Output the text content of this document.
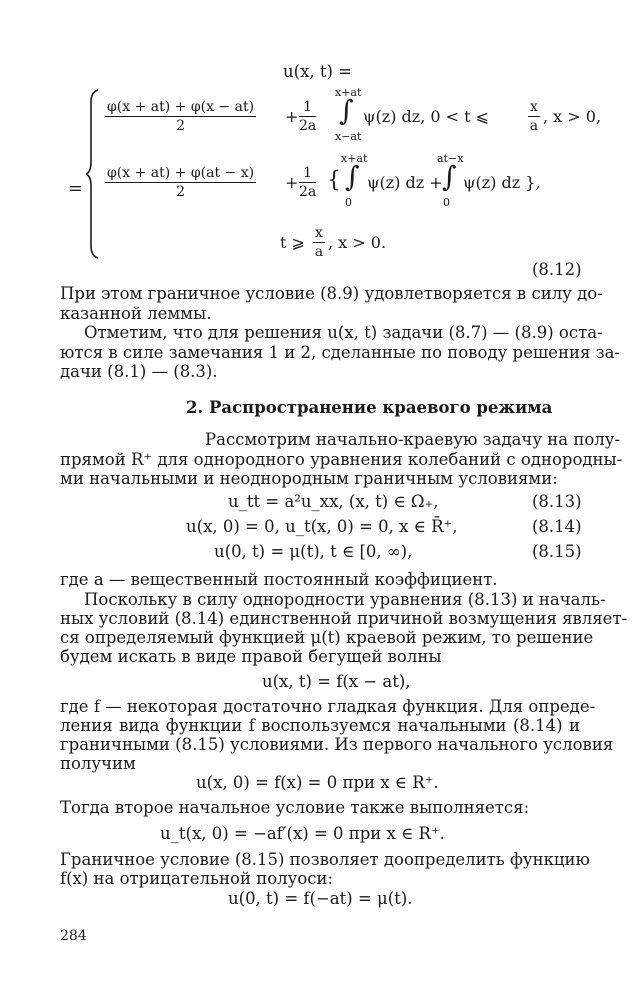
u(x, t) =
=
$\frac{\varphi(x + at) + \varphi(x - at)}{2} + \frac{1}{2a}$
x+at
∫
x−at
ψ(z) dz, 0 < t ⩽	$\frac{x}{a}$ , x > 0,
$\frac{\varphi(x + at) + \varphi(at - x)}{2} + \frac{1}{2a}$ {
x+at
∫
0
ψ(z) dz +
at−x
∫
0
ψ(z) dz },
t ⩾ $\frac{x}{a}$ , x > 0.
(8.12)
При этом граничное условие (8.9) удовлетворяется в силу до-
казанной леммы.
Отметим, что для решения u(x, t) задачи (8.7) — (8.9) оста-
ются в силе замечания 1 и 2, сделанные по поводу решения за-
дачи (8.1) — (8.3).
2. Распространение краевого режима
Рассмотрим начально-краевую задачу на полу-
прямой R⁺ для однородного уравнения колебаний с однородны-
ми начальными и неоднородным граничным условиями:
u_tt = a²u_xx, (x, t) ∈ Ω₊,	(8.13)
u(x, 0) = 0, u_t(x, 0) = 0, x ∈ R̄⁺,	(8.14)
u(0, t) = μ(t), t ∈ [0, ∞),	(8.15)
где a — вещественный постоянный коэффициент.
Поскольку в силу однородности уравнения (8.13) и началь-
ных условий (8.14) единственной причиной возмущения являет-
ся определяемый функцией μ(t) краевой режим, то решение
будем искать в виде правой бегущей волны
u(x, t) = f(x − at),
где f — некоторая достаточно гладкая функция. Для опреде-
ления вида функции f воспользуемся начальными (8.14) и
граничными (8.15) условиями. Из первого начального условия
получим
u(x, 0) = f(x) = 0 при x ∈ R⁺.
Тогда второе начальное условие также выполняется:
u_t(x, 0) = −af′(x) = 0 при x ∈ R⁺.
Граничное условие (8.15) позволяет доопределить функцию
f(x) на отрицательной полуоси:
u(0, t) = f(−at) = μ(t).
284
